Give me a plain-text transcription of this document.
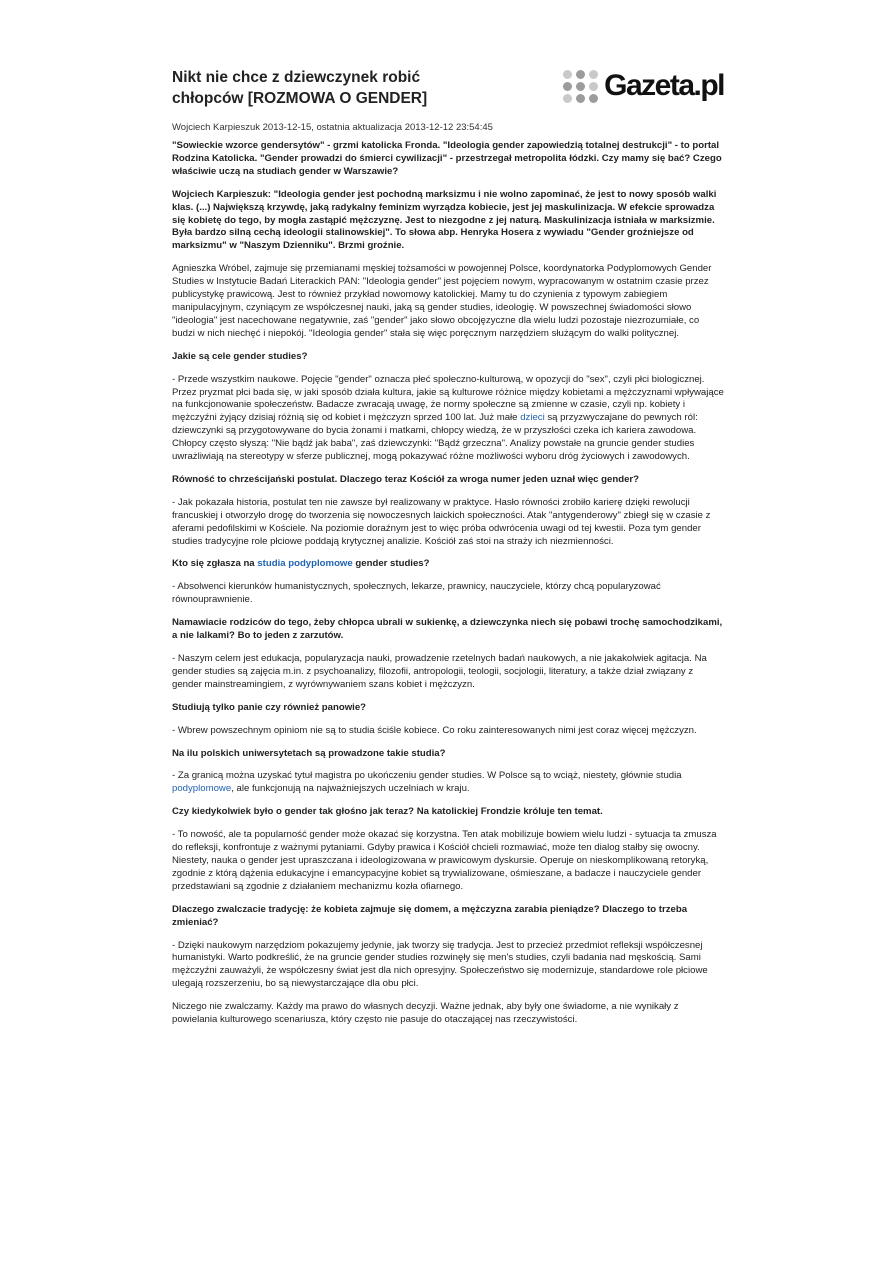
Nikt nie chce z dziewczynek robić chłopców [ROZMOWA O GENDER]	Gazeta.pl
Wojciech Karpieszuk 2013-12-15, ostatnia aktualizacja 2013-12-12 23:54:45

"Sowieckie wzorce gendersytów" - grzmi katolicka Fronda. "Ideologia gender zapowiedzią totalnej destrukcji" - to portal Rodzina Katolicka. "Gender prowadzi do śmierci cywilizacji" - przestrzegał metropolita łódzki. Czy mamy się bać? Czego właściwie uczą na studiach gender w Warszawie?

Wojciech Karpieszuk: "Ideologia gender jest pochodną marksizmu i nie wolno zapominać, że jest to nowy sposób walki klas. (...) Największą krzywdę, jaką radykalny feminizm wyrządza kobiecie, jest jej maskulinizacja. W efekcie sprowadza się kobietę do tego, by mogła zastąpić mężczyznę. Jest to niezgodne z jej naturą. Maskulinizacja istniała w marksizmie. Była bardzo silną cechą ideologii stalinowskiej". To słowa abp. Henryka Hosera z wywiadu "Gender groźniejsze od marksizmu" w "Naszym Dzienniku". Brzmi groźnie.

Agnieszka Wróbel, zajmuje się przemianami męskiej tożsamości w powojennej Polsce, koordynatorka Podyplomowych Gender Studies w Instytucie Badań Literackich PAN: "Ideologia gender" jest pojęciem nowym, wypracowanym w ostatnim czasie przez publicystykę prawicową. Jest to również przykład nowomowy katolickiej. Mamy tu do czynienia z typowym zabiegiem manipulacyjnym, czyniącym ze współczesnej nauki, jaką są gender studies, ideologię. W powszechnej świadomości słowo "ideologia" jest nacechowane negatywnie, zaś "gender" jako słowo obcojęzyczne dla wielu ludzi pozostaje niezrozumiałe, co budzi w nich niechęć i niepokój. "Ideologia gender" stała się więc poręcznym narzędziem służącym do walki politycznej.

Jakie są cele gender studies?

- Przede wszystkim naukowe. Pojęcie "gender" oznacza płeć społeczno-kulturową, w opozycji do "sex", czyli płci biologicznej. Przez pryzmat płci bada się, w jaki sposób działa kultura, jakie są kulturowe różnice między kobietami a mężczyznami wpływające na funkcjonowanie społeczeństw. Badacze zwracają uwagę, że normy społeczne są zmienne w czasie, czyli np. kobiety i mężczyźni żyjący dzisiaj różnią się od kobiet i mężczyzn sprzed 100 lat. Już małe dzieci są przyzwyczajane do pewnych ról: dziewczynki są przygotowywane do bycia żonami i matkami, chłopcy wiedzą, że w przyszłości czeka ich kariera zawodowa. Chłopcy często słyszą: "Nie bądź jak baba", zaś dziewczynki: "Bądź grzeczna". Analizy powstałe na gruncie gender studies uwrażliwiają na stereotypy w sferze publicznej, mogą pokazywać różne możliwości wyboru dróg życiowych i zawodowych.

Równość to chrześcijański postulat. Dlaczego teraz Kościół za wroga numer jeden uznał więc gender?

- Jak pokazała historia, postulat ten nie zawsze był realizowany w praktyce. Hasło równości zrobiło karierę dzięki rewolucji francuskiej i otworzyło drogę do tworzenia się nowoczesnych laickich społeczności. Atak "antygenderowy" zbiegł się w czasie z aferami pedofilskimi w Kościele. Na poziomie doraźnym jest to więc próba odwrócenia uwagi od tej kwestii. Poza tym gender studies tradycyjne role płciowe poddają krytycznej analizie. Kościół zaś stoi na straży ich niezmienności.

Kto się zgłasza na studia podyplomowe gender studies?

- Absolwenci kierunków humanistycznych, społecznych, lekarze, prawnicy, nauczyciele, którzy chcą popularyzować równouprawnienie.

Namawiacie rodziców do tego, żeby chłopca ubrali w sukienkę, a dziewczynka niech się pobawi trochę samochodzikami, a nie lalkami? Bo to jeden z zarzutów.

- Naszym celem jest edukacja, popularyzacja nauki, prowadzenie rzetelnych badań naukowych, a nie jakakolwiek agitacja. Na gender studies są zajęcia m.in. z psychoanalizy, filozofii, antropologii, teologii, socjologii, literatury, a także dział związany z gender mainstreamingiem, z wyrównywaniem szans kobiet i mężczyzn.

Studiują tylko panie czy również panowie?

- Wbrew powszechnym opiniom nie są to studia ściśle kobiece. Co roku zainteresowanych nimi jest coraz więcej mężczyzn.

Na ilu polskich uniwersytetach są prowadzone takie studia?

- Za granicą można uzyskać tytuł magistra po ukończeniu gender studies. W Polsce są to wciąż, niestety, głównie studia podyplomowe, ale funkcjonują na najważniejszych uczelniach w kraju.

Czy kiedykolwiek było o gender tak głośno jak teraz? Na katolickiej Frondzie króluje ten temat.

- To nowość, ale ta popularność gender może okazać się korzystna. Ten atak mobilizuje bowiem wielu ludzi - sytuacja ta zmusza do refleksji, konfrontuje z ważnymi pytaniami. Gdyby prawica i Kościół chcieli rozmawiać, może ten dialog stałby się owocny. Niestety, nauka o gender jest upraszczana i ideologizowana w prawicowym dyskursie. Operuje on nieskomplikowaną retoryką, zgodnie z którą dążenia edukacyjne i emancypacyjne kobiet są trywializowane, ośmieszane, a badacze i nauczyciele gender przedstawiani są zgodnie z działaniem mechanizmu kozła ofiarnego.

Dlaczego zwalczacie tradycję: że kobieta zajmuje się domem, a mężczyzna zarabia pieniądze? Dlaczego to trzeba zmieniać?

- Dzięki naukowym narzędziom pokazujemy jedynie, jak tworzy się tradycja. Jest to przecież przedmiot refleksji współczesnej humanistyki. Warto podkreślić, że na gruncie gender studies rozwinęły się men's studies, czyli badania nad męskością. Sami mężczyźni zauważyli, że współczesny świat jest dla nich opresyjny. Społeczeństwo się modernizuje, standardowe role płciowe ulegają rozszerzeniu, bo są niewystarczające dla obu płci.

Niczego nie zwalczamy. Każdy ma prawo do własnych decyzji. Ważne jednak, aby były one świadome, a nie wynikały z powielania kulturowego scenariusza, który często nie pasuje do otaczającej nas rzeczywistości.
